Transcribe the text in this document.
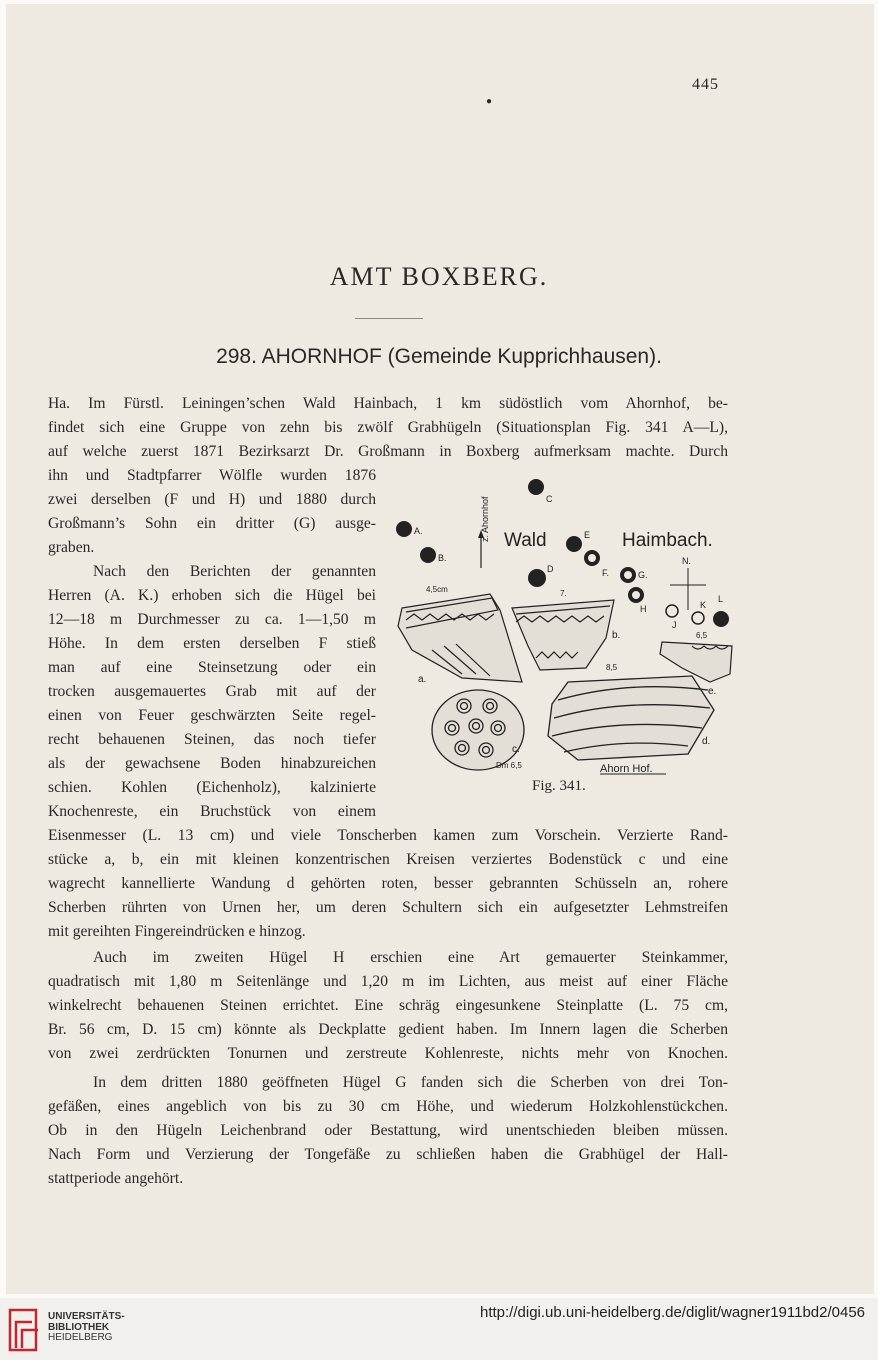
445
●
AMT BOXBERG.
298. AHORNHOF (Gemeinde Kupprichhausen).
Ha. Im Fürstl. Leiningen’schen Wald Hainbach, 1 km südöstlich vom Ahornhof, be-
findet sich eine Gruppe von zehn bis zwölf Grabhügeln (Situationsplan Fig. 341 A—L),
auf welche zuerst 1871 Bezirksarzt Dr. Großmann in Boxberg aufmerksam machte. Durch
ihn und Stadtpfarrer Wölfle wurden 1876
zwei derselben (F und H) und 1880 durch
Großmann’s Sohn ein dritter (G) ausge-
graben.
Nach den Berichten der genannten
Herren (A. K.) erhoben sich die Hügel bei
12—18 m Durchmesser zu ca. 1—1,50 m
Höhe. In dem ersten derselben F stieß
man auf eine Steinsetzung oder ein
trocken ausgemauertes Grab mit auf der
einen von Feuer geschwärzten Seite regel-
recht behauenen Steinen, das noch tiefer
als der gewachsene Boden hinabzureichen
schien. Kohlen (Eichenholz), kalzinierte
Knochenreste, ein Bruchstück von einem
Eisenmesser (L. 13 cm) und viele Tonscherben kamen zum Vorschein. Verzierte Rand-
stücke a, b, ein mit kleinen konzentrischen Kreisen verziertes Bodenstück c und eine
wagrecht kannellierte Wandung d gehörten roten, besser gebrannten Schüsseln an, rohere
Scherben rührten von Urnen her, um deren Schultern sich ein aufgesetzter Lehmstreifen
mit gereihten Fingereindrücken e hinzog.
Auch im zweiten Hügel H erschien eine Art gemauerter Steinkammer,
quadratisch mit 1,80 m Seitenlänge und 1,20 m im Lichten, aus meist auf einer Fläche
winkelrecht behauenen Steinen errichtet. Eine schräg eingesunkene Steinplatte (L. 75 cm,
Br. 56 cm, D. 15 cm) könnte als Deckplatte gedient haben. Im Innern lagen die Scherben
von zwei zerdrückten Tonurnen und zerstreute Kohlenreste, nichts mehr von Knochen.
In dem dritten 1880 geöffneten Hügel G fanden sich die Scherben von drei Ton-
gefäßen, eines angeblich von bis zu 30 cm Höhe, und wiederum Holzkohlenstückchen.
Ob in den Hügeln Leichenbrand oder Bestattung, wird unentschieden bleiben müssen.
Nach Form und Verzierung der Tongefäße zu schließen haben die Grabhügel der Hall-
stattperiode angehört.
z. Ahornhof
A.
B.
C
D
E
F.	G.
H
J
K
L
N.
Wald	Haimbach.
4,5cm
a.
7.
b.	6,5
e.
c.
Dm 6,5
8,5
d.
Ahorn Hof.
Fig. 341.
UNIVERSITÄTS-
BIBLIOTHEK
HEIDELBERG
http://digi.ub.uni-heidelberg.de/diglit/wagner1911bd2/0456
